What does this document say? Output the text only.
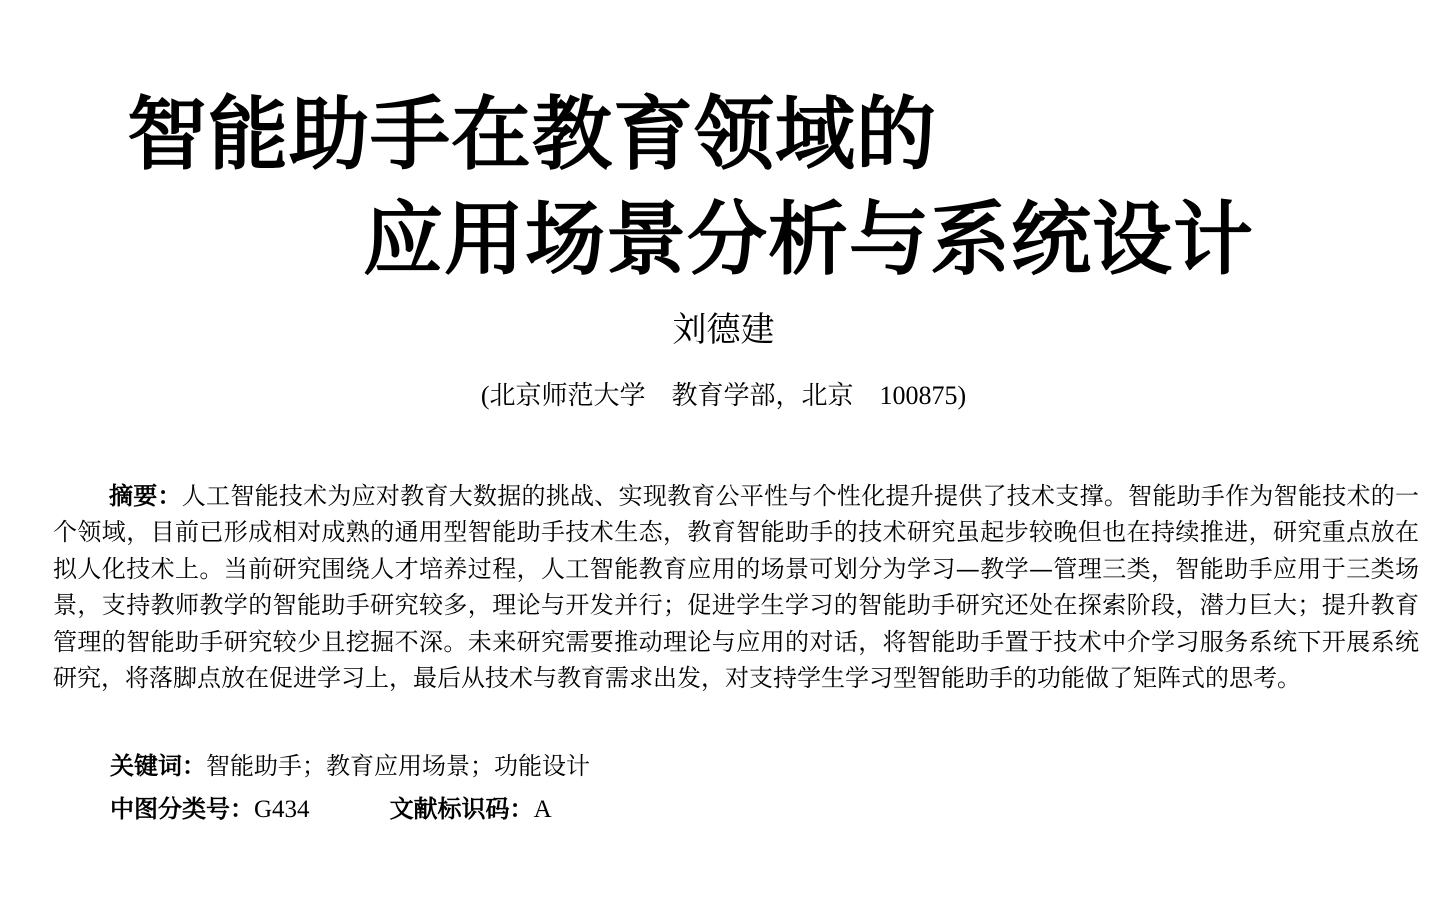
智能助手在教育领域的
应用场景分析与系统设计
刘德建
(北京师范大学　教育学部，北京　100875)
摘要：人工智能技术为应对教育大数据的挑战、实现教育公平性与个性化提升提供了技术支撑。智能助手作为智能技术的一个领域，目前已形成相对成熟的通用型智能助手技术生态，教育智能助手的技术研究虽起步较晚但也在持续推进，研究重点放在拟人化技术上。当前研究围绕人才培养过程，人工智能教育应用的场景可划分为学习—教学—管理三类，智能助手应用于三类场景，支持教师教学的智能助手研究较多，理论与开发并行；促进学生学习的智能助手研究还处在探索阶段，潜力巨大；提升教育管理的智能助手研究较少且挖掘不深。未来研究需要推动理论与应用的对话，将智能助手置于技术中介学习服务系统下开展系统研究，将落脚点放在促进学习上，最后从技术与教育需求出发，对支持学生学习型智能助手的功能做了矩阵式的思考。
关键词：智能助手；教育应用场景；功能设计
中图分类号：G434	文献标识码：A
